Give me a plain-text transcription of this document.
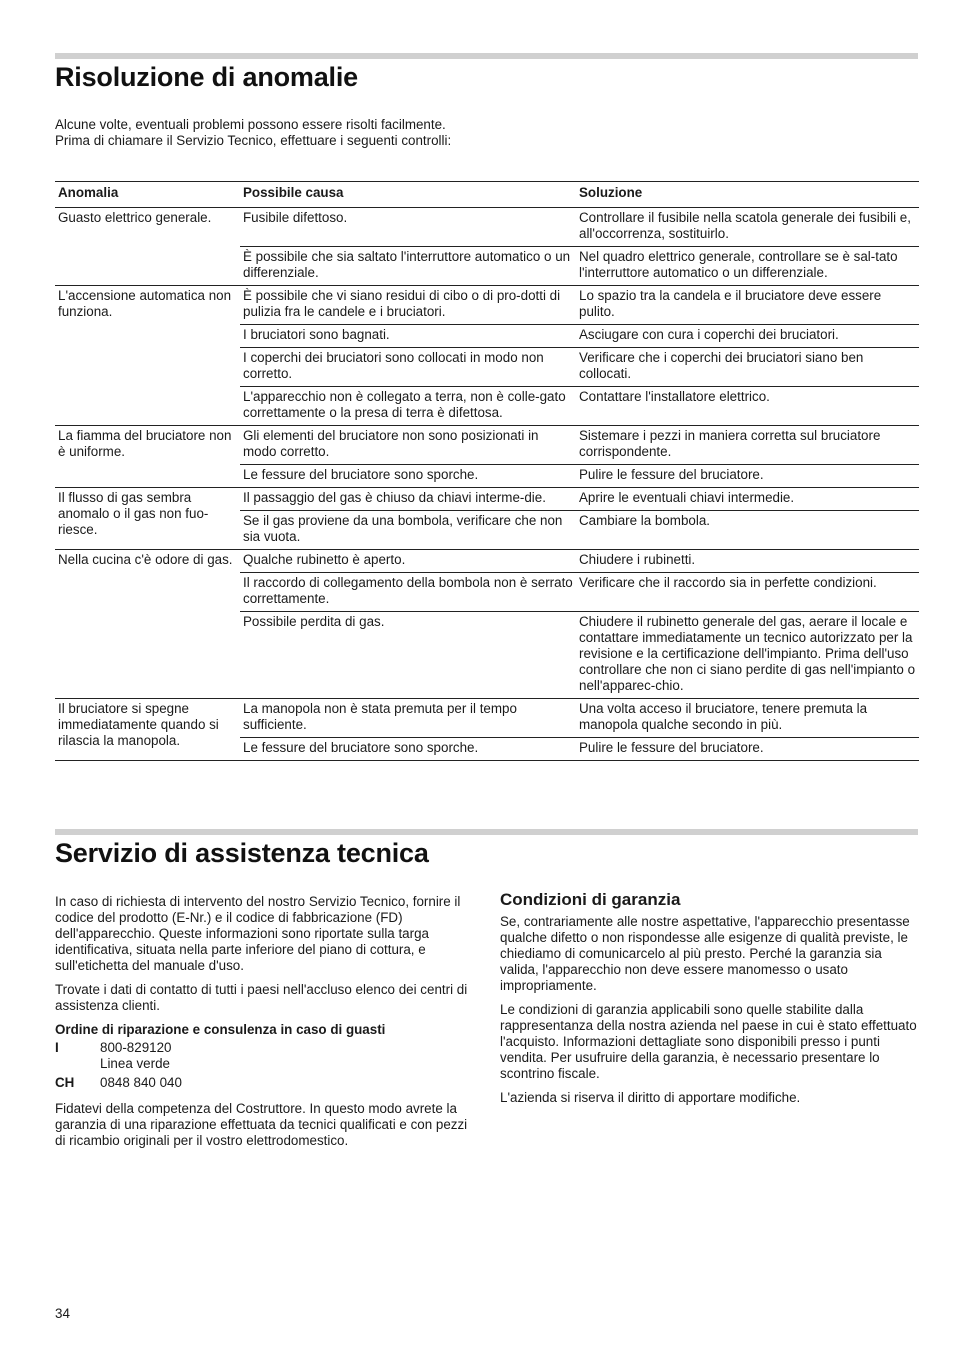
Risoluzione di anomalie

Alcune volte, eventuali problemi possono essere risolti facilmente. Prima di chiamare il Servizio Tecnico, effettuare i seguenti controlli:

Anomalia	Possibile causa	Soluzione
Guasto elettrico generale.	Fusibile difettoso.	Controllare il fusibile nella scatola generale dei fusibili e, all'occorrenza, sostituirlo.
	È possibile che sia saltato l'interruttore automatico o un differenziale.	Nel quadro elettrico generale, controllare se è sal-tato l'interruttore automatico o un differenziale.
L'accensione automatica non funziona.	È possibile che vi siano residui di cibo o di pro-dotti di pulizia fra le candele e i bruciatori.	Lo spazio tra la candela e il bruciatore deve essere pulito.
	I bruciatori sono bagnati.	Asciugare con cura i coperchi dei bruciatori.
	I coperchi dei bruciatori sono collocati in modo non corretto.	Verificare che i coperchi dei bruciatori siano ben collocati.
	L'apparecchio non è collegato a terra, non è colle-gato correttamente o la presa di terra è difettosa.	Contattare l'installatore elettrico.
La fiamma del bruciatore non è uniforme.	Gli elementi del bruciatore non sono posizionati in modo corretto.	Sistemare i pezzi in maniera corretta sul bruciatore corrispondente.
	Le fessure del bruciatore sono sporche.	Pulire le fessure del bruciatore.
Il flusso di gas sembra anomalo o il gas non fuo-riesce.	Il passaggio del gas è chiuso da chiavi interme-die.	Aprire le eventuali chiavi intermedie.
	Se il gas proviene da una bombola, verificare che non sia vuota.	Cambiare la bombola.
Nella cucina c'è odore di gas.	Qualche rubinetto è aperto.	Chiudere i rubinetti.
	Il raccordo di collegamento della bombola non è serrato correttamente.	Verificare che il raccordo sia in perfette condizioni.
	Possibile perdita di gas.	Chiudere il rubinetto generale del gas, aerare il locale e contattare immediatamente un tecnico autorizzato per la revisione e la certificazione dell'impianto. Prima dell'uso controllare che non ci siano perdite di gas nell'impianto o nell'apparec-chio.
Il bruciatore si spegne immediatamente quando si rilascia la manopola.	La manopola non è stata premuta per il tempo sufficiente.	Una volta acceso il bruciatore, tenere premuta la manopola qualche secondo in più.
	Le fessure del bruciatore sono sporche.	Pulire le fessure del bruciatore.
Servizio di assistenza tecnica

In caso di richiesta di intervento del nostro Servizio Tecnico, fornire il codice del prodotto (E-Nr.) e il codice di fabbricazione (FD) dell'apparecchio. Queste informazioni sono riportate sulla targa identificativa, situata nella parte inferiore del piano di cottura, e sull'etichetta del manuale d'uso.

Trovate i dati di contatto di tutti i paesi nell'accluso elenco dei centri di assistenza clienti.

Ordine di riparazione e consulenza in caso di guasti
I	800-829120
Linea verde
CH	0848 840 040

Fidatevi della competenza del Costruttore. In questo modo avrete la garanzia di una riparazione effettuata da tecnici qualificati e con pezzi di ricambio originali per il vostro elettrodomestico.

Condizioni di garanzia

Se, contrariamente alle nostre aspettative, l'apparecchio presentasse qualche difetto o non rispondesse alle esigenze di qualità previste, le chiediamo di comunicarcelo al più presto. Perché la garanzia sia valida, l'apparecchio non deve essere manomesso o usato impropriamente.

Le condizioni di garanzia applicabili sono quelle stabilite dalla rappresentanza della nostra azienda nel paese in cui è stato effettuato l'acquisto. Informazioni dettagliate sono disponibili presso i punti vendita. Per usufruire della garanzia, è necessario presentare lo scontrino fiscale.

L'azienda si riserva il diritto di apportare modifiche.

34
